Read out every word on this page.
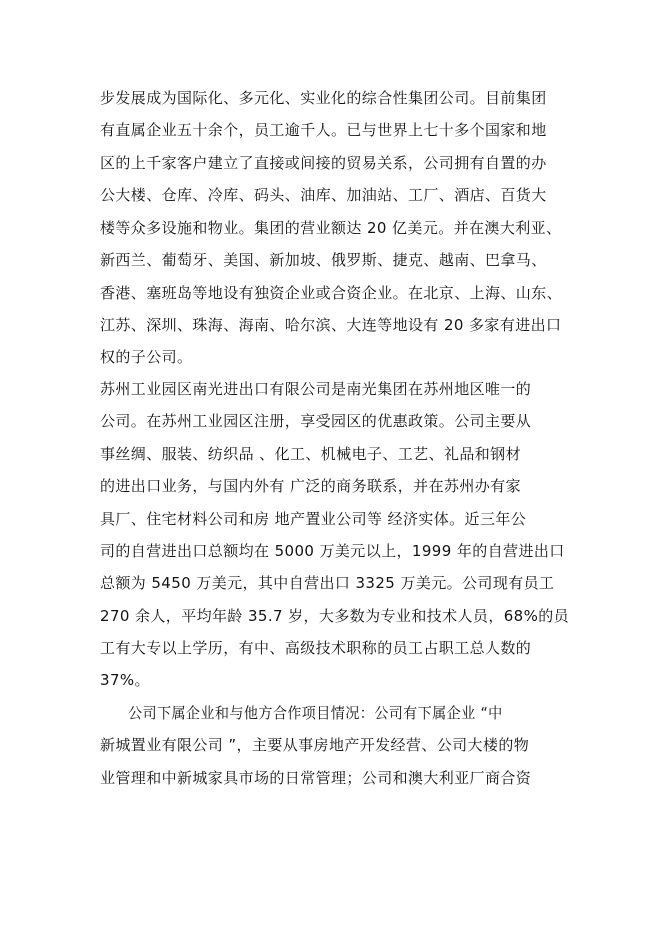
步发展成为国际化、多元化、实业化的综合性集团公司。目前集团
有直属企业五十余个，员工逾千人。已与世界上七十多个国家和地
区的上千家客户建立了直接或间接的贸易关系，公司拥有自置的办
公大楼、仓库、冷库、码头、油库、加油站、工厂、酒店、百货大
楼等众多设施和物业。集团的营业额达 20 亿美元。并在澳大利亚、
新西兰、葡萄牙、美国、新加坡、俄罗斯、捷克、越南、巴拿马、
香港、塞班岛等地设有独资企业或合资企业。在北京、上海、山东、
江苏、深圳、珠海、海南、哈尔滨、大连等地设有 20 多家有进出口
权的子公司。
苏州工业园区南光进出口有限公司是南光集团在苏州地区唯一的
公司。在苏州工业园区注册，享受园区的优惠政策。公司主要从
事丝绸、服装、纺织品 、化工、机械电子、工艺、礼品和钢材
的进出口业务，与国内外有 广泛的商务联系，并在苏州办有家
具厂、住宅材料公司和房 地产置业公司等 经济实体。近三年公
司的自营进出口总额均在 5000 万美元以上，1999 年的自营进出口
总额为 5450 万美元，其中自营出口 3325 万美元。公司现有员工
270 余人，平均年龄 35.7 岁，大多数为专业和技术人员，68%的员
工有大专以上学历，有中、高级技术职称的员工占职工总人数的
37%。
公司下属企业和与他方合作项目情况：公司有下属企业 “中
新城置业有限公司 ”，主要从事房地产开发经营、公司大楼的物
业管理和中新城家具市场的日常管理；公司和澳大利亚厂商合资
